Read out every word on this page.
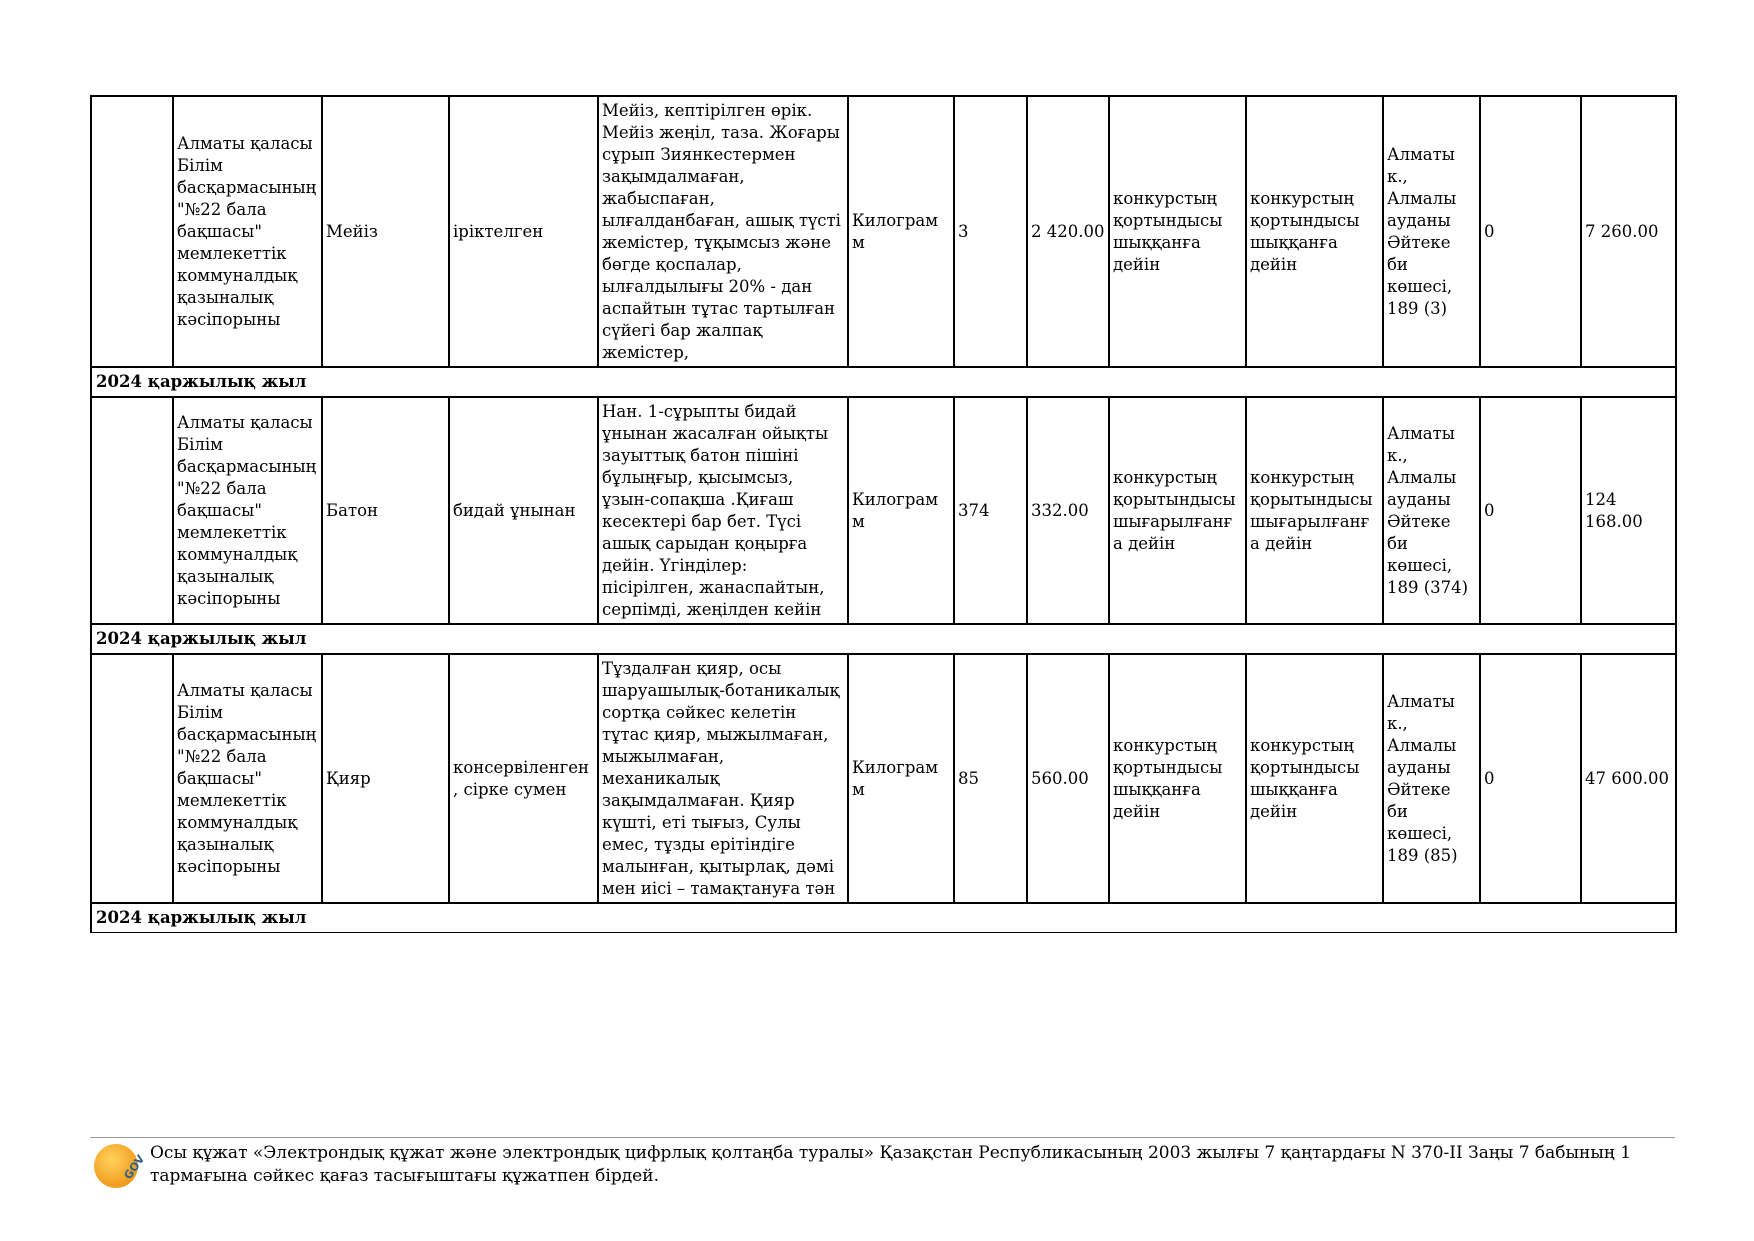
	Алматы қаласы Білім басқармасының "№22 бала бақшасы" мемлекеттік коммуналдық қазыналық кәсіпорыны	Мейіз	іріктелген	Мейіз, кептірілген өрік. Мейіз жеңіл, таза. Жоғары сұрып Зиянкестермен зақымдалмаған, жабыспаған, ылғалданбаған, ашық түсті жемістер, тұқымсыз және бөгде қоспалар, ылғалдылығы 20% - дан аспайтын тұтас тартылған сүйегі бар жалпақ жемістер,	Килограмм	3	2 420.00	конкурстың қортындысы шыққанға дейін	конкурстың қортындысы шыққанға дейін	Алматы к., Алмалы ауданы Әйтеке би көшесі, 189 (3)	0	7 260.00
2024 қаржылық жыл												
	Алматы қаласы Білім басқармасының "№22 бала бақшасы" мемлекеттік коммуналдық қазыналық кәсіпорыны	Батон	бидай ұнынан	Нан. 1-сұрыпты бидай ұнынан жасалған ойықты зауыттық батон пішіні бұлыңғыр, қысымсыз, ұзын-сопақша .Қиғаш кесектері бар бет. Түсі ашық сарыдан қоңырға дейін. Үгінділер: пісірілген, жанаспайтын, серпімді, жеңілден кейін	Килограмм	374	332.00	конкурстың қорытындысы шығарылғанға дейін	конкурстың қорытындысы шығарылғанға дейін	Алматы к., Алмалы ауданы Әйтеке би көшесі, 189 (374)	0	124 168.00
2024 қаржылық жыл												
	Алматы қаласы Білім басқармасының "№22 бала бақшасы" мемлекеттік коммуналдық қазыналық кәсіпорыны	Қияр	консервіленген, сірке сумен	Тұздалған қияр, осы шаруашылық-ботаникалық сортқа сәйкес келетін тұтас қияр, мыжылмаған, мыжылмаған, механикалық зақымдалмаған. Қияр күшті, еті тығыз, Сулы емес, тұзды ерітіндіге малынған, қытырлақ, дәмі мен иісі – тамақтануға тән	Килограмм	85	560.00	конкурстың қортындысы шыққанға дейін	конкурстың қортындысы шыққанға дейін	Алматы к., Алмалы ауданы Әйтеке би көшесі, 189 (85)	0	47 600.00
2024 қаржылық жыл												
GOV Осы құжат «Электрондық құжат және электрондық цифрлық қолтаңба туралы» Қазақстан Республикасының 2003 жылғы 7 қаңтардағы N 370-II Заңы 7 бабының 1 тармағына сәйкес қағаз тасығыштағы құжатпен бірдей.
